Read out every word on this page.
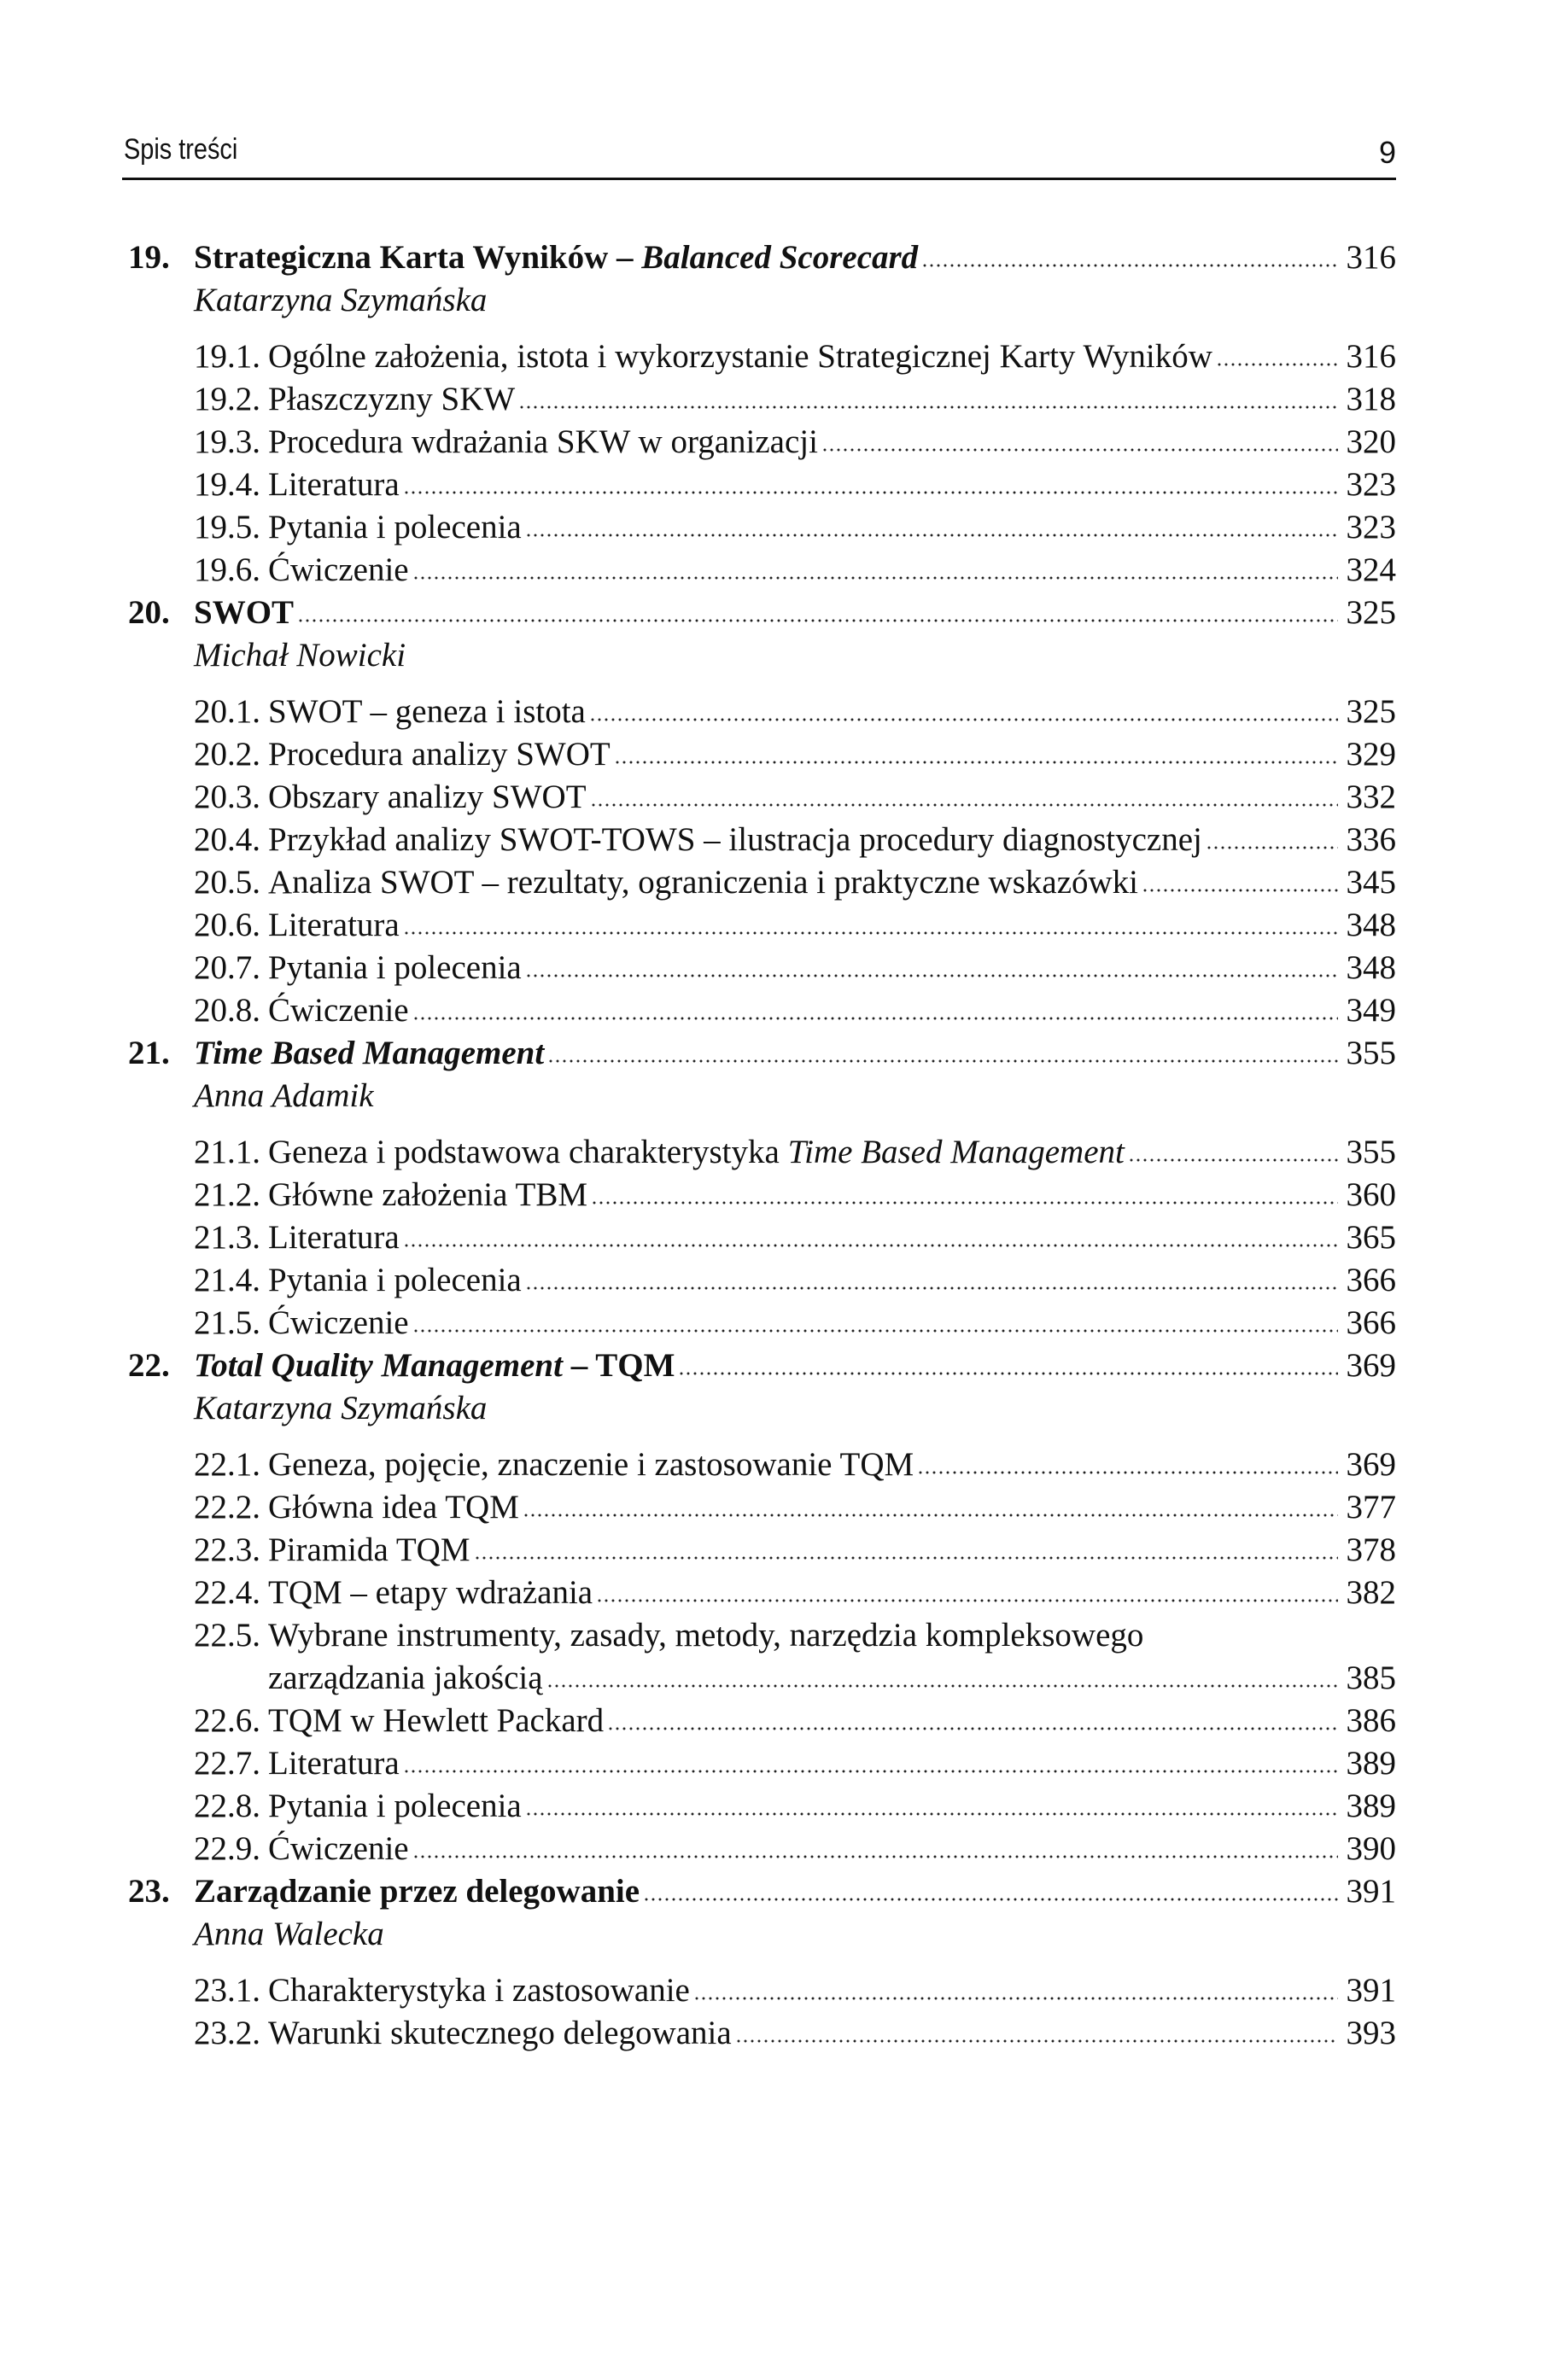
Spis treści	9
19. Strategiczna Karta Wyników – Balanced Scorecard	316
Katarzyna Szymańska
19.1. Ogólne założenia, istota i wykorzystanie Strategicznej Karty Wyników	316
19.2. Płaszczyzny SKW	318
19.3. Procedura wdrażania SKW w organizacji	320
19.4. Literatura	323
19.5. Pytania i polecenia	323
19.6. Ćwiczenie	324
20. SWOT	325
Michał Nowicki
20.1. SWOT – geneza i istota	325
20.2. Procedura analizy SWOT	329
20.3. Obszary analizy SWOT	332
20.4. Przykład analizy SWOT-TOWS – ilustracja procedury diagnostycznej	336
20.5. Analiza SWOT – rezultaty, ograniczenia i praktyczne wskazówki	345
20.6. Literatura	348
20.7. Pytania i polecenia	348
20.8. Ćwiczenie	349
21. Time Based Management	355
Anna Adamik
21.1. Geneza i podstawowa charakterystyka Time Based Management	355
21.2. Główne założenia TBM	360
21.3. Literatura	365
21.4. Pytania i polecenia	366
21.5. Ćwiczenie	366
22. Total Quality Management – TQM	369
Katarzyna Szymańska
22.1. Geneza, pojęcie, znaczenie i zastosowanie TQM	369
22.2. Główna idea TQM	377
22.3. Piramida TQM	378
22.4. TQM – etapy wdrażania	382
22.5. Wybrane instrumenty, zasady, metody, narzędzia kompleksowego
zarządzania jakością	385
22.6. TQM w Hewlett Packard	386
22.7. Literatura	389
22.8. Pytania i polecenia	389
22.9. Ćwiczenie	390
23. Zarządzanie przez delegowanie	391
Anna Walecka
23.1. Charakterystyka i zastosowanie	391
23.2. Warunki skutecznego delegowania	393
